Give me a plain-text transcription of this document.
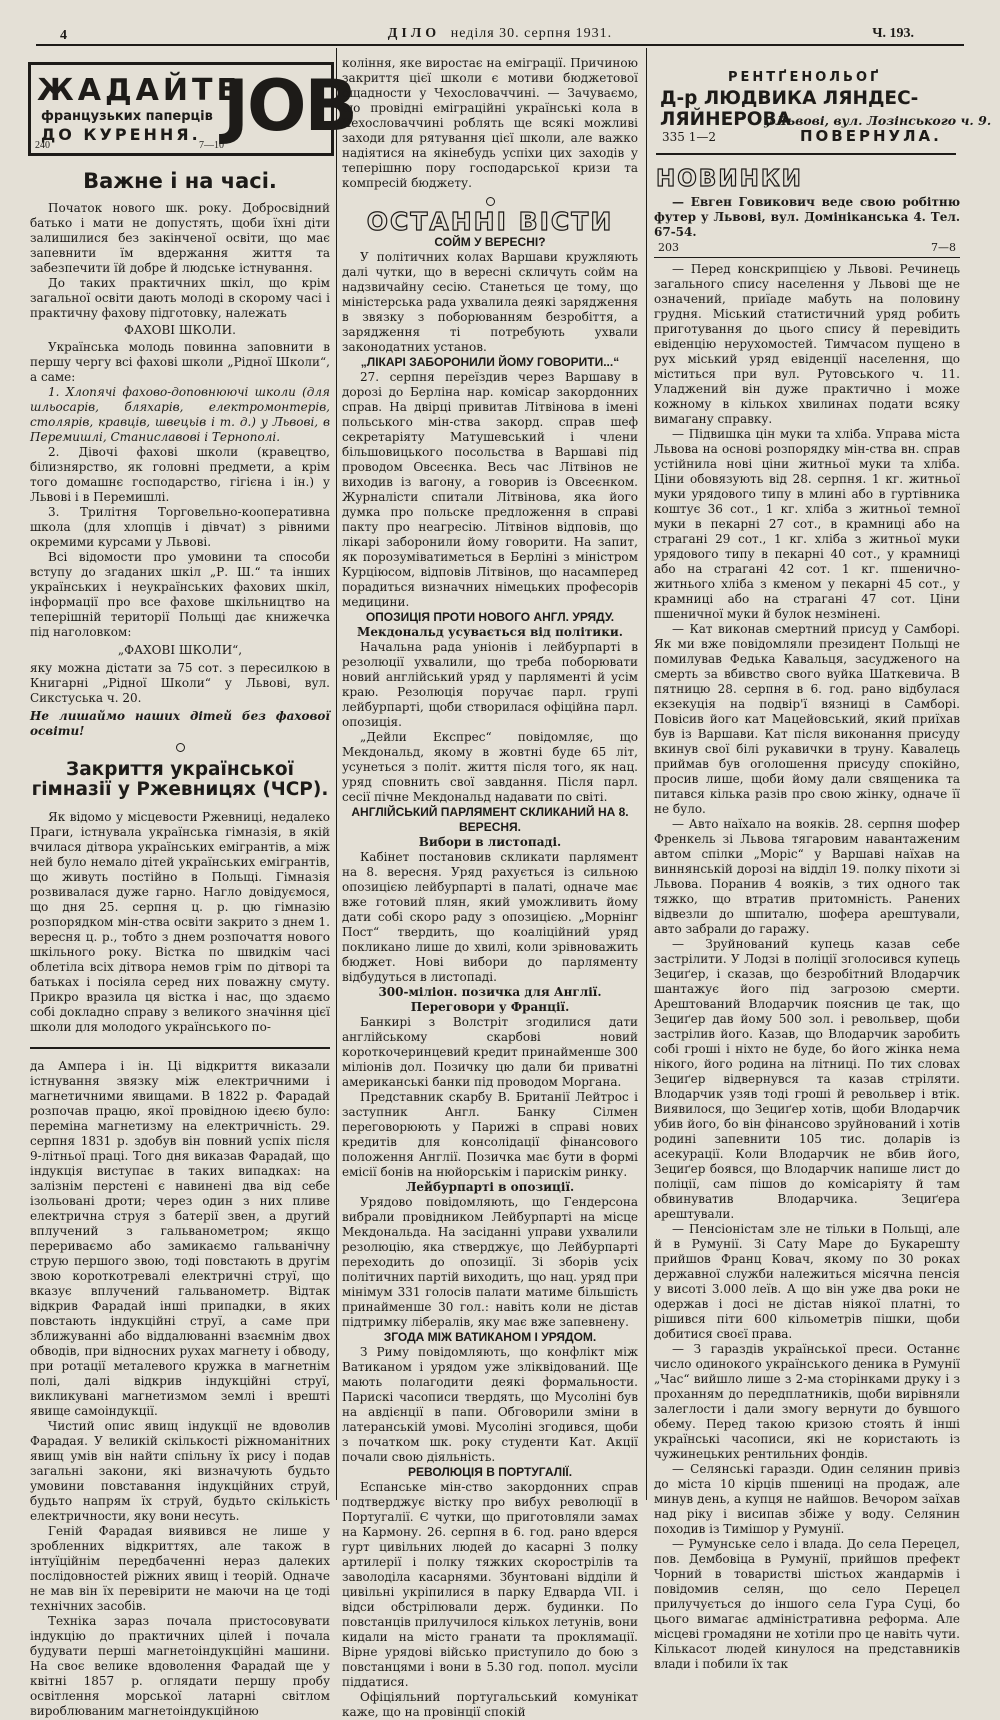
4	ДІЛО неділя 30. серпня 1931.	Ч. 193.
ЖАДАЙТЕ
французьких паперців
ДО КУРЕННЯ. JOB
240	7—10
РЕНТҐЕНОЛЬОҐ
Д-р ЛЮДВИКА ЛЯНДЕС-ЛЯЙНЕРОВА
у Львові, вул. Лозінського ч. 9.
335 1—2	ПОВЕРНУЛА.
Важне і на часі.

Початок нового шк. року. Добросвідний батько і мати не допустять, щоби їхні діти залишилися без закінченої освіти, що має запевнити їм вдержання життя та забезпечити їй добре й людське істнування.

До таких практичних шкіл, що крім загальної освіти дають молоді в скорому часі і практичну фахову підготовку, належать

ФАХОВІ ШКОЛИ.

Українська молодь повинна заповнити в першу чергу всі фахові школи „Рідної Школи“, а саме:

1. Хлопячі фахово-доповнюючі школи (для шльосарів, бляхарів, електромонтерів, столярів, кравців, швецьів і т. д.) у Львові, в Перемишлі, Станиславові і Тернополі.

2. Дівочі фахові школи (кравецтво, білизнярство, як головні предмети, а крім того домашнє господарство, гігієна і ін.) у Львові і в Перемишлі.

3. Трилітня Торговельно-кооперативна школа (для хлопців і дівчат) з рівними окремими курсами у Львові.

Всі відомости про умовини та способи вступу до згаданих шкіл „Р. Ш.“ та інших українських і неукраїнських фахових шкіл, інформації про все фахове шкільництво на теперішній території Польщі дає книжечка під наголовком:

„ФАХОВІ ШКОЛИ“,

яку можна дістати за 75 сот. з пересилкою в Книгарні „Рідної Школи“ у Львові, вул. Сикстуська ч. 20.

Не лишаймо наших дітей без фахової освіти!
Закриття української гімназії у Ржевницях (ЧСР).

Як відомо у місцевости Ржевниці, недалеко Праги, істнувала українська гімназія, в якій вчилася дітвора українських емігрантів, а між ней було немало дітей українських емігрантів, що живуть постійно в Польщі. Гімназія розвивалася дуже гарно. Нагло довідуємося, що дня 25. серпня ц. р. цю гімназію розпорядком мін-ства освіти закрито з днем 1. вересня ц. р., тобто з днем розпочаття нового шкільного року. Вістка по швидкім часі облетіла всіх дітвора немов грім по дітворі та батьках і посіяла серед них поважну смуту. Прикро вразила ця вістка і нас, що здаємо собі докладно справу з великого значіння цієї школи для молодого українського по-

да Ампера і ін. Ці відкриття виказали істнування звязку між електричними і магнетичними явищами. В 1822 р. Фарадай розпочав працю, якої провідною ідеєю було: переміна магнетизму на електричність. 29. серпня 1831 р. здобув він повний успіх після 9-літньої праці. Того дня виказав Фарадай, що індукція виступає в таких випадках: на залізнім перстені є навинені два від себе ізольовані дроти; через один з них пливе електрична струя з батерії звен, а другий вплучений з гальванометром; якщо перериваємо або замикаємо гальванічну струю першого звою, тоді повстають в другім звою короткотревалі електричні струї, що вказує вплучений гальванометр. Відтак відкрив Фарадай інші припадки, в яких повстають індукційні струї, а саме при зближуванні або віддалюванні взаємнім двох обводів, при відносних рухах магнету і обводу, при ротації металевого кружка в магнетнім полі, далі відкрив індукційні струї, викликувані магнетизмом землі і врешті явище самоіндукції.

Чистий опис явищ індукції не вдоволив Фарадая. У великій скількості ріжноманітних явищ умів він найти спільну їх рису і подав загальні закони, які визначують будьто умовини повставання індукційних струй, будьто напрям їх струй, будьто скількість електричности, яку вони несуть.

Геній Фарадая виявився не лише у зробленних відкриттях, але також в інтуїційнім передбаченні нераз далеких послідовностей ріжних явищ і теорій. Одначе не мав він їх перевірити не маючи на це тоді технічних засобів.

Техніка зараз почала пристосовувати індукцію до практичних цілей і почала будувати перші магнетоіндукційні машини. На своє велике вдоволення Фарадай ще у квітні 1857 р. оглядати першу пробу освітлення морської латарні світлом вироблюваним магнетоіндукційною

коління, яке виростає на еміграції. Причиною закриття цієї школи є мотиви бюджетової ощадности у Чехословаччині. — Зачуваємо, що провідні еміграційні українські кола в Чехословаччині роблять ще всякі можливі заходи для рятування цієї школи, але важко надіятися на якінебудь успіхи цих заходів у теперішню пору господарської кризи та компресій бюджету.

ОСТАННІ ВІСТИ
СОЙМ У ВЕРЕСНІ?

У політичних колах Варшави кружляють далі чутки, що в вересні скличуть сойм на надзвичайну сесію. Станеться це тому, що міністерська рада ухвалила деякі зарядження в звязку з поборюванням безробіття, а зарядження ті потребують ухвали законодатних установ.

„ЛІКАРІ ЗАБОРОНИЛИ ЙОМУ ГОВОРИТИ...“

27. серпня переїздив через Варшаву в дорозі до Берліна нар. комісар закордонних справ. На двірці привитав Літвінова в імені польського мін-ства закорд. справ шеф секретаріяту Матушевський і члени більшовицького посольства в Варшаві під проводом Овсеєнка. Весь час Літвінов не виходив із вагону, а говорив із Овсеєнком. Журналісти спитали Літвінова, яка його думка про польске предложення в справі пакту про неагресію. Літвінов відповів, що лікарі заборонили йому говорити. На запит, як порозуміватиметься в Берліні з міністром Курціюсом, відповів Літвінов, що насамперед порадиться визначних німецьких професорів медицини.

ОПОЗИЦІЯ ПРОТИ НОВОГО АНГЛ. УРЯДУ.
Мекдональд усувається від політики.

Начальна рада уніонів і лейбурпарті в резолюції ухвалили, що треба поборювати новий англійський уряд у парляменті й усім краю. Резолюція поручає парл. групі лейбурпарті, щоби створилася офіційна парл. опозиція.

„Дейли Експрес“ повідомляє, що Мекдональд, якому в жовтні буде 65 літ, усунеться з політ. життя після того, як нац. уряд сповнить свої завдання. Після парл. сесії пічне Мекдональд надавати по світі.

АНГЛІЙСЬКИЙ ПАРЛЯМЕНТ СКЛИКАНИЙ НА 8. ВЕРЕСНЯ.
Вибори в листопаді.

Кабінет постановив скликати парлямент на 8. вересня. Уряд рахується із сильною опозицією лейбурпарті в палаті, одначе має вже готовий плян, який уможливить йому дати собі скоро раду з опозицією. „Морнінг Пост“ твердить, що коаліційний уряд покликано лише до хвилі, коли зрівноважить бюджет. Нові вибори до парляменту відбудуться в листопаді.

300-міліон. позичка для Англії.
Переговори у Франції.

Банкирі з Волстріт згодилися дати англійському скарбові новий короткочеринцевий кредит принайменше 300 міліонів дол. Позичку цю дали би приватні американські банки під проводом Моргана.

Представник скарбу В. Британії Лейтрос і заступник Англ. Банку Сілмен переговорюють у Парижі в справі нових кредитів для консолідації фінансового положення Англії. Позичка має бути в формі емісії бонів на нюйорськім і парискім ринку.

Лейбурпарті в опозиції.

Урядово повідомляють, що Гендерсона вибрали провідником Лейбурпарті на місце Мекдональда. На засіданні управи ухвалили резолюцію, яка стверджує, що Лейбурпарті переходить до опозиції. Зі зборів усіх політичних партій виходить, що нац. уряд при мінімум 331 голосів палати матиме більшість принайменше 30 гол.: навіть коли не дістав підтримку лібералів, яку має вже запевнену.

ЗГОДА МІЖ ВАТИКАНОМ І УРЯДОМ.

З Риму повідомляють, що конфлікт між Ватиканом і урядом уже зліквідований. Ще мають полагодити деякі формальности. Парискі часописи твердять, що Мусоліні був на авдієнції в папи. Обговорили зміни в латеранській умові. Мусоліні згодився, щоби з початком шк. року студенти Кат. Акції почали свою діяльність.

РЕВОЛЮЦІЯ В ПОРТУГАЛІЇ.

Еспанське мін-ство закордонних справ подтверджує вістку про вибух революції в Португалії. Є чутки, що приготовляли замах на Кармону. 26. серпня в 6. год. рано вдерся гурт цивільних людей до касарні 3 полку артилерії і полку тяжких скорострілів та заволоділа касарнями. Збунтовані відділи й цивільні укріпилися в парку Едварда VII. і відси обстрілювали держ. будинки. По повстанців прилучилося кількох летунів, вони кидали на місто гранати та проклямації. Вірне урядові військо приступило до бою з повстанцями і вони в 5.30 год. попол. мусіли піддатися.

Офіціяльний португальський комунікат каже, що на провінції спокій

НОВИНКИ

— Евген Говикович веде свою робітню футер у Львові, вул. Домініканська 4. Тел. 67-54.

203	7—8

— Перед конскрипцією у Львові. Речинець загального спису населення у Львові ще не означений, приїаде мабуть на половину грудня. Міський статистичний уряд робить приготування до цього спису й перевідить евіденцію нерухомостей. Тимчасом пущено в рух міський уряд евіденції населення, що міститься при вул. Рутовського ч. 11. Уладжений він дуже практично і може кожному в кількох хвилинах подати всяку вимагану справку.

— Підвишка цін муки та хліба. Управа міста Львова на основі розпорядку мін-ства вн. справ устійнила нові ціни житньої муки та хліба. Ціни обовязують від 28. серпня. 1 кг. житньої муки урядового типу в млині або в гуртівника коштує 36 сот., 1 кг. хліба з житньої темної муки в пекарні 27 сот., в крамниці або на страгані 29 сот., 1 кг. хліба з житньої муки урядового типу в пекарні 40 сот., у крамниці або на страгані 42 сот. 1 кг. пшенично-житнього хліба з кменом у пекарні 45 сот., у крамниці або на страгані 47 сот. Ціни пшеничної муки й булок незмінені.

— Кат виконав смертний присуд у Самборі. Як ми вже повідомляли президент Польщі не помилував Федька Кавальця, засудженого на смерть за вбивство свого вуйка Шаткевича. В пятницю 28. серпня в 6. год. рано відбулася екзекуція на подвір'ї вязниці в Самборі. Повісив його кат Мацейовський, який приїхав був із Варшави. Кат після виконання присуду вкинув свої білі рукавички в труну. Кавалець приймав був оголошення присуду спокійно, просив лише, щоби йому дали священика та питався кілька разів про свою жінку, одначе її не було.

— Авто наїхало на вояків. 28. серпня шофер Френкель зі Львова тягаровим навантаженим автом спілки „Моріс“ у Варшаві наїхав на виннянській дорозі на відділ 19. полку піхоти зі Львова. Поранив 4 вояків, з тих одного так тяжко, що втратив притомність. Ранених відвезли до шпиталю, шофера арештували, авто забрали до гаражу.

— Зруйнований купець казав себе застрілити. У Лодзі в поліції зголосився купець Зециґер, і сказав, що безробітний Влодарчик шантажує його під загрозою смерти. Арештований Влодарчик пояснив це так, що Зециґер дав йому 500 зол. і револьвер, щоби застрілив його. Казав, що Влодарчик заробить собі гроші і ніхто не буде, бо його жінка нема нікого, його родина на літниці. По тих словах Зециґер відвернувся та казав стріляти. Влодарчик узяв тоді гроші й револьвер і втік. Виявилося, що Зециґер хотів, щоби Влодарчик убив його, бо він фінансово зруйнований і хотів родині запевнити 105 тис. доларів із асекурації. Коли Влодарчик не вбив його, Зециґер боявся, що Влодарчик напише лист до поліції, сам пішов до комісаріяту й там обвинуватив Влодарчика. Зециґера арештували.

— Пенсіоністам зле не тільки в Польщі, але й в Румунії. Зі Сату Маре до Букарешту прийшов Франц Ковач, якому по 30 роках державної служби належиться місячна пенсія у висоті 3.000 леїв. А що він уже два роки не одержав і досі не дістав ніякої платні, то рішився піти 600 кільометрів пішки, щоби добитися своєї права.

— З гараздів української преси. Останнє число одинокого українського деника в Румунії „Час“ вийшло лише з 2-ма сторінками друку і з проханням до передплатників, щоби вирівняли залеглости і дали змогу вернути до бувшого обему. Перед такою кризою стоять й інші українські часописи, які не користають із чужинецьких рентильних фондів.

— Селянські гаразди. Один селянин привіз до міста 10 кірців пшениці на продаж, але минув день, а купця не найшов. Вечором заїхав над ріку і висипав збіже у воду. Селянин походив із Тимішор у Румунії.

— Румунське село і влада. До села Перецел, пов. Дембовіца в Румунії, прийшов префект Чорний в товаристві шістьох жандармів і повідомив селян, що село Перецел прилучується до іншого села Гура Суці, бо цього вимагає адміністративна реформа. Але місцеві громадяни не хотіли про це навіть чути. Кількасот людей кинулося на представників влади і побили їх так
